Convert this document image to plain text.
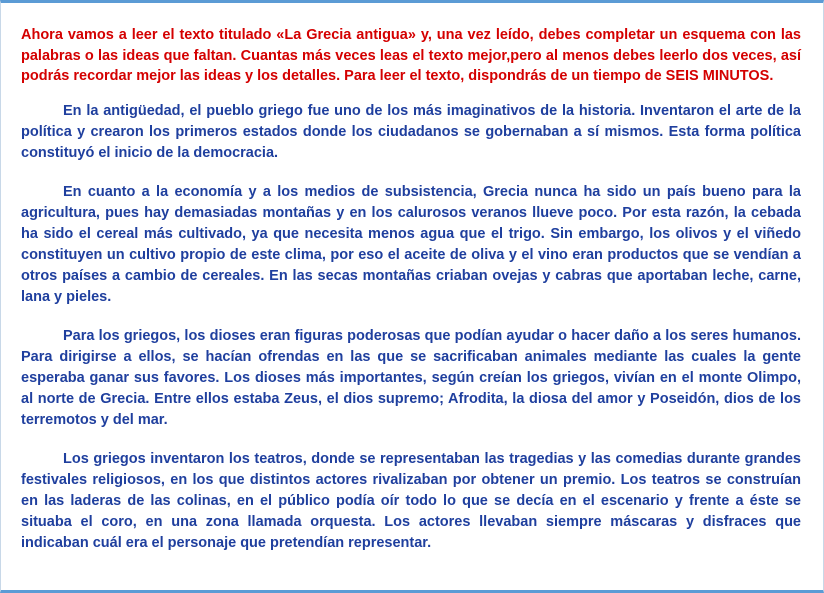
Ahora vamos a leer el texto titulado «La Grecia antigua» y, una vez leído, debes completar un esquema con las palabras o las ideas que faltan. Cuantas más veces leas el texto mejor,pero al menos debes leerlo dos veces, así podrás recordar mejor las ideas y los detalles. Para leer el texto, dispondrás de un tiempo de SEIS MINUTOS.

En la antigüedad, el pueblo griego fue uno de los más imaginativos de la historia. Inventaron el arte de la política y crearon los primeros estados donde los ciudadanos se gobernaban a sí mismos. Esta forma política constituyó el inicio de la democracia.

En cuanto a la economía y a los medios de subsistencia, Grecia nunca ha sido un país bueno para la agricultura, pues hay demasiadas montañas y en los calurosos veranos llueve poco. Por esta razón, la cebada ha sido el cereal más cultivado, ya que necesita menos agua que el trigo. Sin embargo, los olivos y el viñedo constituyen un cultivo propio de este clima, por eso el aceite de oliva y el vino eran productos que se vendían a otros países a cambio de cereales. En las secas montañas criaban ovejas y cabras que aportaban leche, carne, lana y pieles.

Para los griegos, los dioses eran figuras poderosas que podían ayudar o hacer daño a los seres humanos. Para dirigirse a ellos, se hacían ofrendas en las que se sacrificaban animales mediante las cuales la gente esperaba ganar sus favores. Los dioses más importantes, según creían los griegos, vivían en el monte Olimpo, al norte de Grecia. Entre ellos estaba Zeus, el dios supremo; Afrodita, la diosa del amor y Poseidón, dios de los terremotos y del mar.

Los griegos inventaron los teatros, donde se representaban las tragedias y las comedias durante grandes festivales religiosos, en los que distintos actores rivalizaban por obtener un premio. Los teatros se construían en las laderas de las colinas, en el público podía oír todo lo que se decía en el escenario y frente a éste se situaba el coro, en una zona llamada orquesta. Los actores llevaban siempre máscaras y disfraces que indicaban cuál era el personaje que pretendían representar.
